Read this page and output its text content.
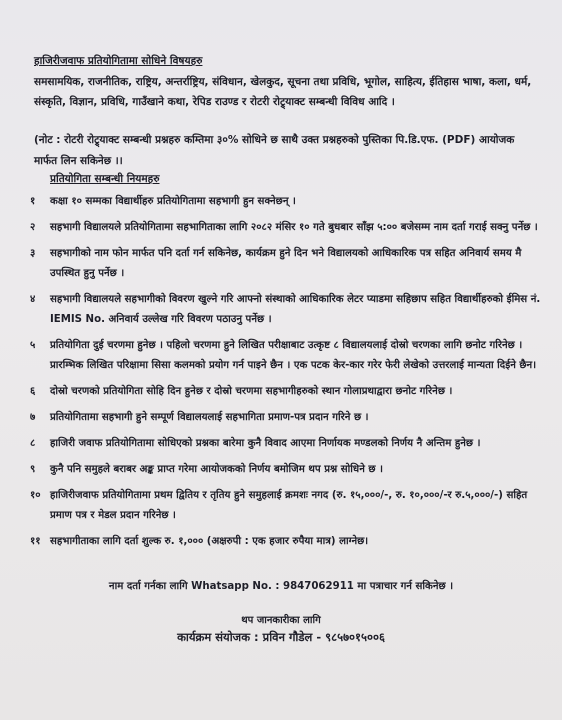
हाजिरीजवाफ प्रतियोगितामा सोधिने विषयहरु
समसामयिक, राजनीतिक, राष्ट्रिय, अन्तर्राष्ट्रिय, संविधान, खेलकुद, सूचना तथा प्रविधि, भूगोल, साहित्य, ईतिहास भाषा, कला, धर्म, संस्कृति, विज्ञान, प्रविधि, गाउँखाने कथा, रेपिड राउण्ड र रोटरी रोट्र्याक्ट सम्बन्धी विविध आदि ।
(नोट : रोटरी रोट्र्याक्ट सम्बन्धी प्रश्नहरु कम्तिमा ३०% सोधिने छ साथै उक्त प्रश्नहरुको पुस्तिका पि.डि.एफ. (PDF) आयोजक मार्फत लिन सकिनेछ ।।
प्रतियोगिता सम्बन्धी नियमहरु
१ कक्षा १० सम्मका विद्यार्थीहरु प्रतियोगितामा सहभागी हुन सक्नेछन् ।
२ सहभागी विद्यालयले प्रतियोगितामा सहभागिताका लागि २०८२ मंसिर १० गते बुधबार साँझ ५:०० बजेसम्म नाम दर्ता गराई सक्नु पर्नेछ ।
३ सहभागीको नाम फोन मार्फत पनि दर्ता गर्न सकिनेछ, कार्यक्रम हुने दिन भने विद्यालयको आधिकारिक पत्र सहित अनिवार्य समय मै उपस्थित हुनु पर्नेछ ।
४ सहभागी विद्यालयले सहभागीको विवरण खुल्ने गरि आफ्नो संस्थाको आधिकारिक लेटर प्याडमा सहिछाप सहित विद्यार्थीहरुको ईमिस नं. IEMIS No. अनिवार्य उल्लेख गरि विवरण पठाउनु पर्नेछ ।
५ प्रतियोगिता दुई चरणमा हुनेछ । पहिलो चरणमा हुने लिखित परीक्षाबाट उत्कृष्ट ८ विद्यालयलाई दोस्रो चरणका लागि छनोट गरिनेछ । प्रारम्भिक लिखित परिक्षामा सिसा कलमको प्रयोग गर्न पाइने छैन । एक पटक केर-कार गरेर फेरी लेखेको उत्तरलाई मान्यता दिईने छैन।
६ दोस्रो चरणको प्रतियोगिता सोहि दिन हुनेछ र दोस्रो चरणमा सहभागीहरुको स्थान गोलाप्रथाद्वारा छनोट गरिनेछ ।
७ प्रतियोगितामा सहभागी हुने सम्पूर्ण विद्यालयलाई सहभागिता प्रमाण-पत्र प्रदान गरिने छ ।
८ हाजिरी जवाफ प्रतियोगितामा सोधिएको प्रश्नका बारेमा कुनै विवाद आएमा निर्णायक मण्डलको निर्णय नै अन्तिम हुनेछ ।
९ कुनै पनि समुहले बराबर अङ्क प्राप्त गरेमा आयोजकको निर्णय बमोजिम थप प्रश्न सोधिने छ ।
१० हाजिरीजवाफ प्रतियोगितामा प्रथम द्वितिय र तृतिय हुने समुहलाई क्रमशः नगद (रु. १५,०००/-, रु. १०,०००/-र रु.५,०००/-) सहित प्रमाण पत्र र मेडल प्रदान गरिनेछ ।
११ सहभागीताका लागि दर्ता शुल्क रु. १,००० (अक्षरुपी : एक हजार रुपैया मात्र) लाग्नेछ।
नाम दर्ता गर्नका लागि Whatsapp No. : 9847062911 मा पत्राचार गर्न सकिनेछ ।
थप जानकारीका लागि
कार्यक्रम संयोजक : प्रविन गौडेल - ९८५७०१५००६
